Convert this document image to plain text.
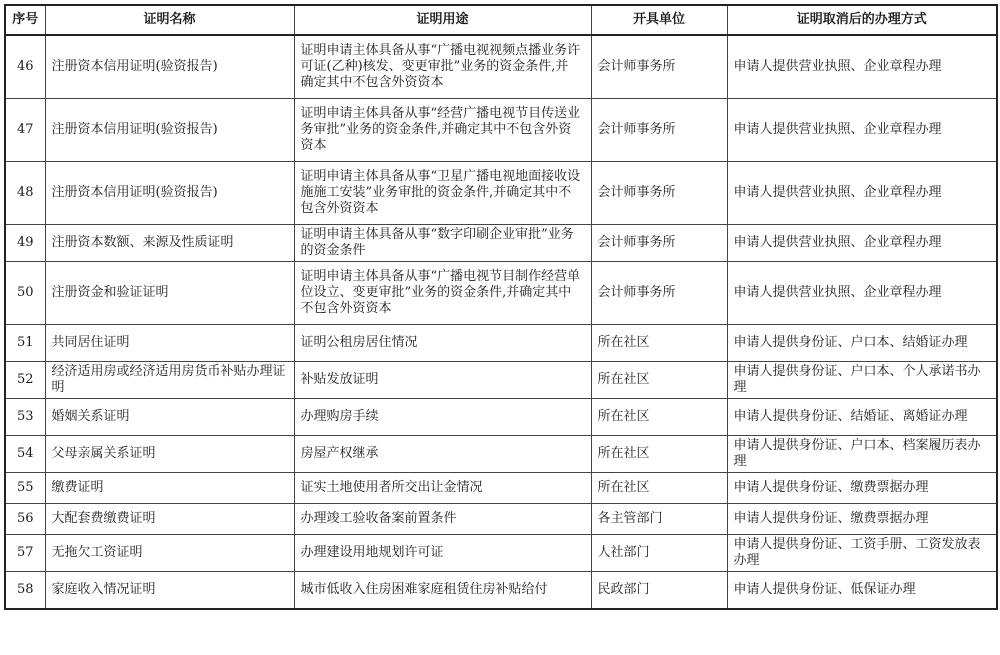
序号	证明名称	证明用途	开具单位	证明取消后的办理方式
46	注册资本信用证明(验资报告)	证明申请主体具备从事“广播电视视频点播业务许可证(乙种)核发、变更审批”业务的资金条件,并确定其中不包含外资资本	会计师事务所	申请人提供营业执照、企业章程办理
47	注册资本信用证明(验资报告)	证明申请主体具备从事“经营广播电视节目传送业务审批”业务的资金条件,并确定其中不包含外资资本	会计师事务所	申请人提供营业执照、企业章程办理
48	注册资本信用证明(验资报告)	证明申请主体具备从事“卫星广播电视地面接收设施施工安装”业务审批的资金条件,并确定其中不包含外资资本	会计师事务所	申请人提供营业执照、企业章程办理
49	注册资本数额、来源及性质证明	证明申请主体具备从事“数字印刷企业审批”业务的资金条件	会计师事务所	申请人提供营业执照、企业章程办理
50	注册资金和验证证明	证明申请主体具备从事“广播电视节目制作经营单位设立、变更审批”业务的资金条件,并确定其中不包含外资资本	会计师事务所	申请人提供营业执照、企业章程办理
51	共同居住证明	证明公租房居住情况	所在社区	申请人提供身份证、户口本、结婚证办理
52	经济适用房或经济适用房货币补贴办理证明	补贴发放证明	所在社区	申请人提供身份证、户口本、个人承诺书办理
53	婚姻关系证明	办理购房手续	所在社区	申请人提供身份证、结婚证、离婚证办理
54	父母亲属关系证明	房屋产权继承	所在社区	申请人提供身份证、户口本、档案履历表办理
55	缴费证明	证实土地使用者所交出让金情况	所在社区	申请人提供身份证、缴费票据办理
56	大配套费缴费证明	办理竣工验收备案前置条件	各主管部门	申请人提供身份证、缴费票据办理
57	无拖欠工资证明	办理建设用地规划许可证	人社部门	申请人提供身份证、工资手册、工资发放表办理
58	家庭收入情况证明	城市低收入住房困难家庭租赁住房补贴给付	民政部门	申请人提供身份证、低保证办理
